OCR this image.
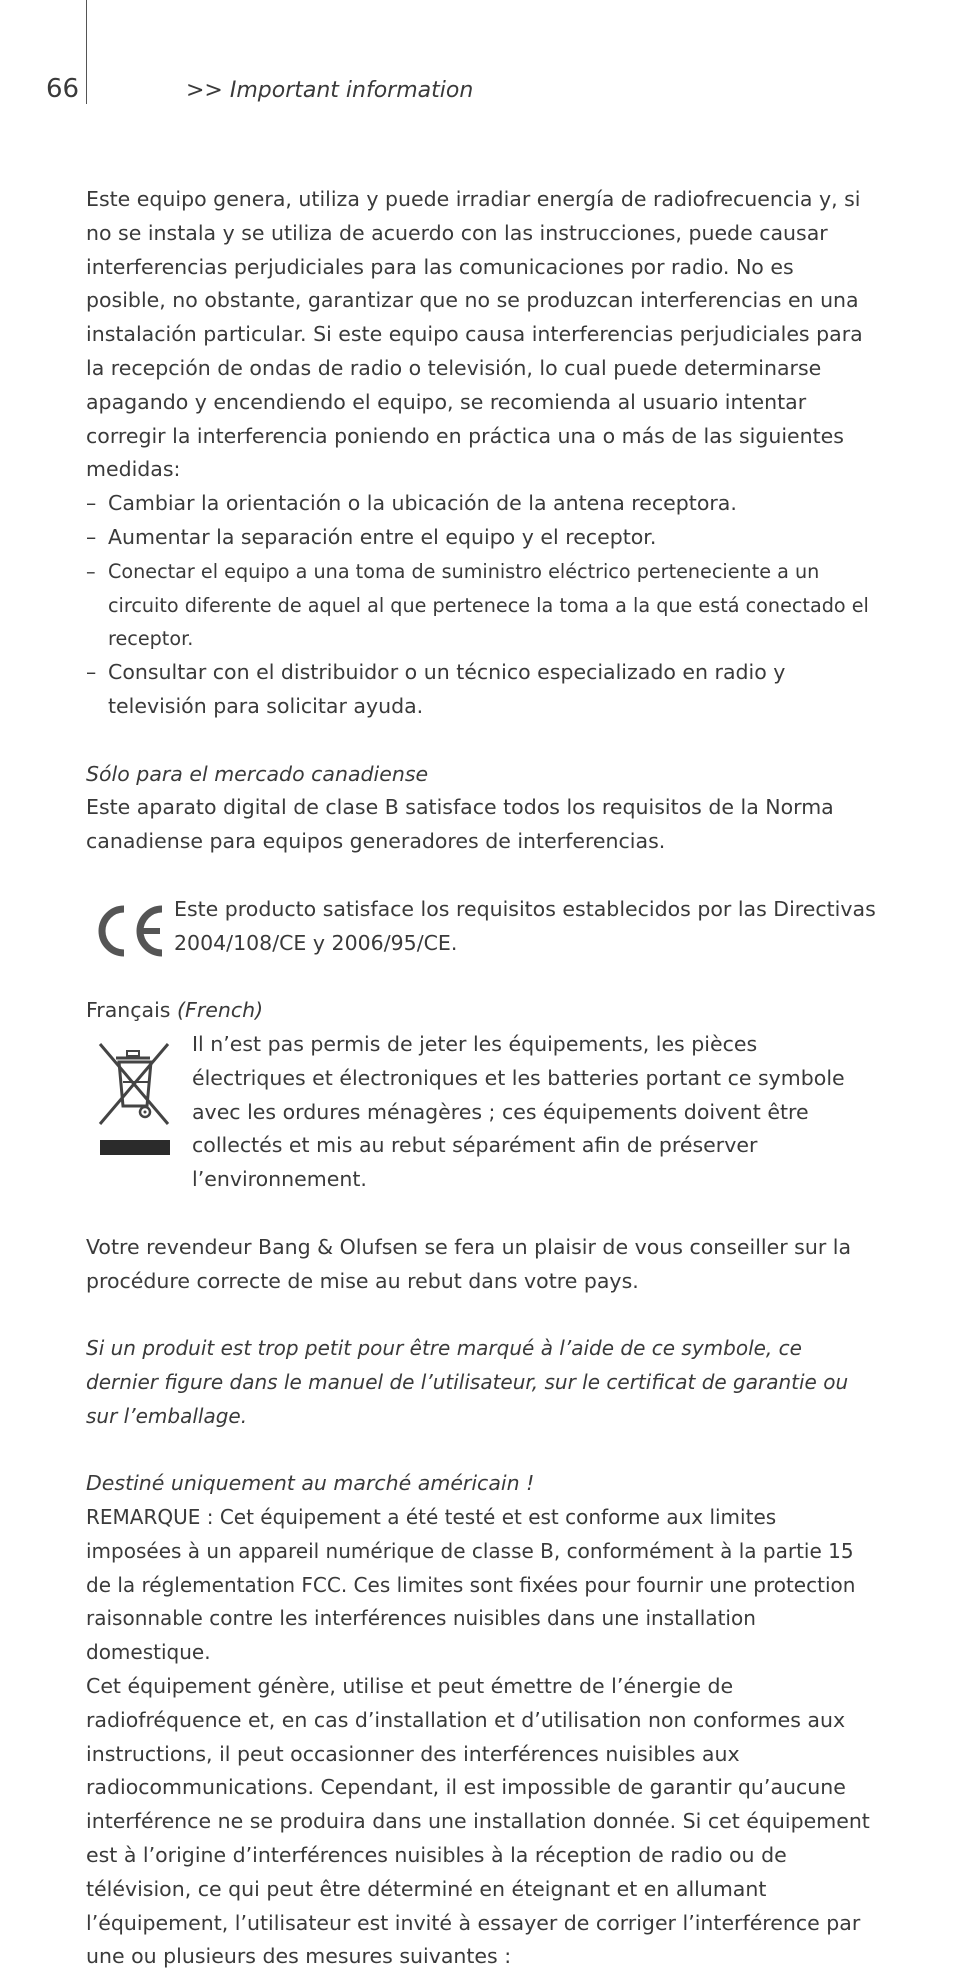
66	>> Important information

Este equipo genera, utiliza y puede irradiar energía de radiofrecuencia y, si no se instala y se utiliza de acuerdo con las instrucciones, puede causar interferencias perjudiciales para las comunicaciones por radio. No es posible, no obstante, garantizar que no se produzcan interferencias en una instalación particular. Si este equipo causa interferencias perjudiciales para la recepción de ondas de radio o televisión, lo cual puede determinarse apagando y encendiendo el equipo, se recomienda al usuario intentar corregir la interferencia poniendo en práctica una o más de las siguientes medidas:

– Cambiar la orientación o la ubicación de la antena receptora.
– Aumentar la separación entre el equipo y el receptor.
– Conectar el equipo a una toma de suministro eléctrico perteneciente a un circuito diferente de aquel al que pertenece la toma a la que está conectado el receptor.
– Consultar con el distribuidor o un técnico especializado en radio y televisión para solicitar ayuda.

Sólo para el mercado canadiense

Este aparato digital de clase B satisface todos los requisitos de la Norma canadiense para equipos generadores de interferencias.

Este producto satisface los requisitos establecidos por las Directivas 2004/108/CE y 2006/95/CE.

Français (French)

Il n’est pas permis de jeter les équipements, les pièces électriques et électroniques et les batteries portant ce symbole avec les ordures ménagères ; ces équipements doivent être collectés et mis au rebut séparément afin de préserver l’environnement.

Votre revendeur Bang & Olufsen se fera un plaisir de vous conseiller sur la procédure correcte de mise au rebut dans votre pays.

Si un produit est trop petit pour être marqué à l’aide de ce symbole, ce dernier figure dans le manuel de l’utilisateur, sur le certificat de garantie ou sur l’emballage.

Destiné uniquement au marché américain !

REMARQUE : Cet équipement a été testé et est conforme aux limites imposées à un appareil numérique de classe B, conformément à la partie 15 de la réglementation FCC. Ces limites sont fixées pour fournir une protection raisonnable contre les interférences nuisibles dans une installation domestique.

Cet équipement génère, utilise et peut émettre de l’énergie de radiofréquence et, en cas d’installation et d’utilisation non conformes aux instructions, il peut occasionner des interférences nuisibles aux radiocommunications. Cependant, il est impossible de garantir qu’aucune interférence ne se produira dans une installation donnée. Si cet équipement est à l’origine d’interférences nuisibles à la réception de radio ou de télévision, ce qui peut être déterminé en éteignant et en allumant l’équipement, l’utilisateur est invité à essayer de corriger l’interférence par une ou plusieurs des mesures suivantes :
